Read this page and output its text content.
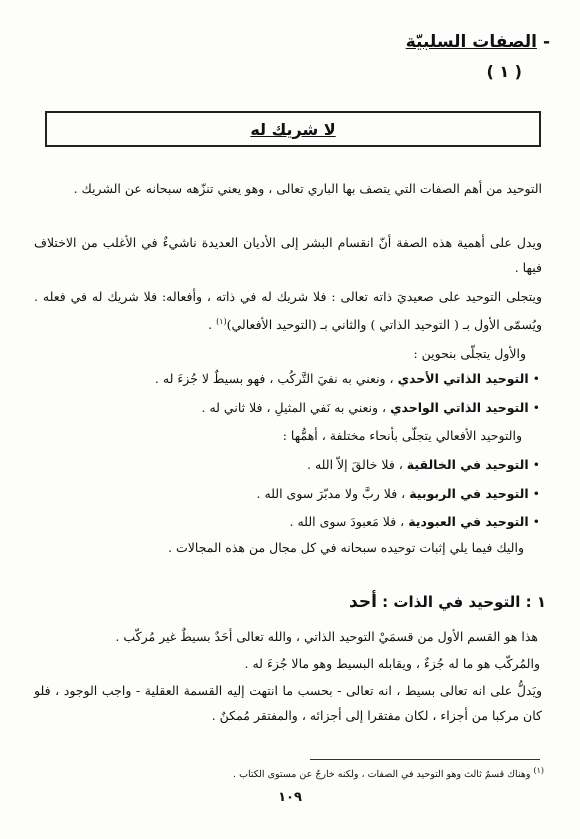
-
الصفات السلبيّة
( ١ )
لا شريك له
التوحيد من أهم الصفات التي يتصف بها الباري تعالى ، وهو يعني تنزّهه سبحانه عن الشريك .
ويدل على أهمية هذه الصفة أنّ انقسام البشر إلى الأديان العديدة ناشيءٌ في الأغلب من الاختلاف فيها .
ويتجلى التوحيد على صعيديَ ذاته تعالى : فلا شريك له في ذاته ، وأفعاله: فلا شريك له في فعله . ويُسمّى الأول بـ ( التوحيد الذاتي ) والثاني بـ (التوحيد الأفعالي)$^{(١)}$ .
والأول يتجلّى بنحوين :
• التوحيد الذاتي الأحدي ، ونعني به نفيَ التَّركُب ، فهو بسيطٌ لا جُزءَ له .
• التوحيد الذاتي الواحدي ، ونعني به نَفي المثيلِ ، فلا ثاني له .
والتوحيد الأفعالي يتجلّى بأنحاء مختلفة ، أهمُّها :
• التوحيد في الخالقية ، فلا خالقَ إلاّ الله .
• التوحيد في الربوبية ، فلا ربَّ ولا مدبّرَ سوى الله .
• التوحيد في العبودية ، فلا مَعبودَ سوى الله .
واليك فيما يلي إثبات توحيده سبحانه في كل مجال من هذه المجالات .
١ : التوحيد في الذات : أحد
هذا هو القسم الأول من قسمَيْ التوحيد الذاتي ، والله تعالى أحَدٌ بسيطٌ غير مُركّب .
والمُركّب هو ما له جُزءٌ ، ويقابله البسيط وهو مالا جُزءَ له .
ويَدلُّ على انه تعالى بسيط ، انه تعالى - بحسب ما انتهت إليه القسمة العقلية - واجب الوجود ، فلو كان مركبا من أجزاء ، لكان مفتقرا إلى أجزائه ، والمفتقر مُمكنٌ .
$^{(١)}$ وهناك قسمٌ ثالث وهو التوحيد في الصفات ، ولكنه خارجٌ عن مستوى الكتاب .
١٠٩
